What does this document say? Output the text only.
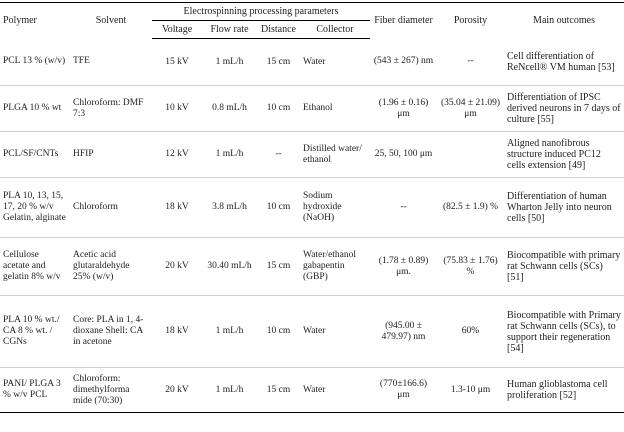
Polymer	Solvent	Electrospinning processing parameters				Fiber diameter	Porosity	Main outcomes
		Voltage	Flow rate	Distance	Collector			
PCL 13 % (w/v)	TFE	15 kV	1 mL/h	15 cm	Water	(543 ± 267) nm	--	Cell differentiation of ReNcell® VM human [53]
PLGA 10 % wt	Chloroform: DMF 7:3	10 kV	0.8 mL/h	10 cm	Ethanol	(1.96 ± 0.16) μm	(35.04 ± 21.09) μm	Differentiation of IPSC derived neurons in 7 days of culture [55]
PCL/SF/CNTs	HFIP	12 kV	1 mL/h	--	Distilled water/ ethanol	25, 50, 100 μm		Aligned nanofibrous structure induced PC12 cells extension [49]
PLA 10, 13, 15, 17, 20 % w/v Gelatin, alginate	Chloroform	18 kV	3.8 mL/h	10 cm	Sodium hydroxide (NaOH)	--	(82.5 ± 1.9) %	Differentiation of human Wharton Jelly into neuron cells [50]
Cellulose acetate and gelatin 8% w/v	Acetic acid glutaraldehyde 25% (w/v)	20 kV	30.40 mL/h	15 cm	Water/ethanol gabapentin (GBP)	(1.78 ± 0.89) μm.	(75.83 ± 1.76) %	Biocompatible with primary rat Schwann cells (SCs) [51]
PLA 10 % wt./ CA 8 % wt. / CGNs	Core: PLA in 1, 4-dioxane Shell: CA in acetone	18 kV	1 mL/h	10 cm	Water	(945.00 ± 479.97) nm	60%	Biocompatible with Primary rat Schwann cells (SCs), to support their regeneration [54]
PANI/ PLGA 3 % w/v PCL	Chloroform: dimethylforma mide (70:30)	20 kV	1 mL/h	15 cm	Water	(770±166.6) μm	1.3-10 μm	Human glioblastoma cell proliferation [52]
